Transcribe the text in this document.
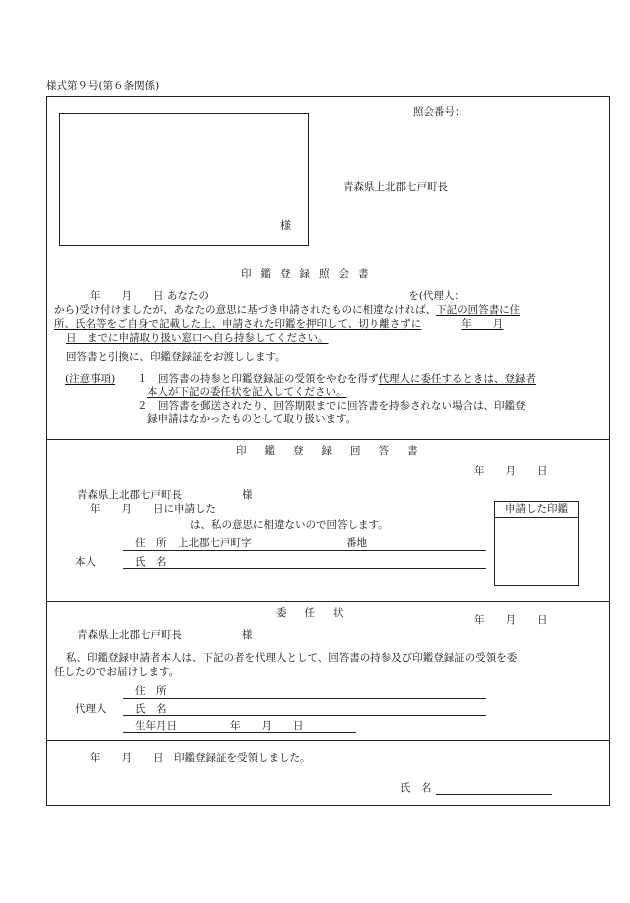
様式第９号(第６条関係)
様
照会番号：
青森県上北郡七戸町長
印鑑登録照会書
年　　月　　日 あなたの　　　　　　　　　　　　　　　　　　　を(代理人：
から)受け付けましたが、あなたの意思に基づき申請されたものに相違なければ、下記の回答書に住
所、氏名等をご自身で記載した上、申請された印鑑を押印して、切り離さずに	年　　月
日　までに申請取り扱い窓口へ自ら持参してください。
回答書と引換に、印鑑登録証をお渡しします。
(注意事項) １　回答書の持参と印鑑登録証の受領をやむを得ず代理人に委任するときは、登録者
本人が下記の委任状を記入してください。
２　回答書を郵送されたり、回答期限までに回答書を持参されない場合は、印鑑登
録申請はなかったものとして取り扱います。
印鑑登録回答書
年　　月　　日
青森県上北郡七戸町長	様
年　　月　　日に申請した
は、私の意思に相違ないので回答します。
住　所 上北郡七戸町字	番地
本人	氏　名
申請した印鑑
委任状
年　　月　　日
青森県上北郡七戸町長	様
私、印鑑登録申請者本人は、下記の者を代理人として、回答書の持参及び印鑑登録証の受領を委
任したのでお届けします。
住　所
代理人	氏　名
生年月日	年　　月　　日
年　　月　　日　印鑑登録証を受領しました。
氏　名
